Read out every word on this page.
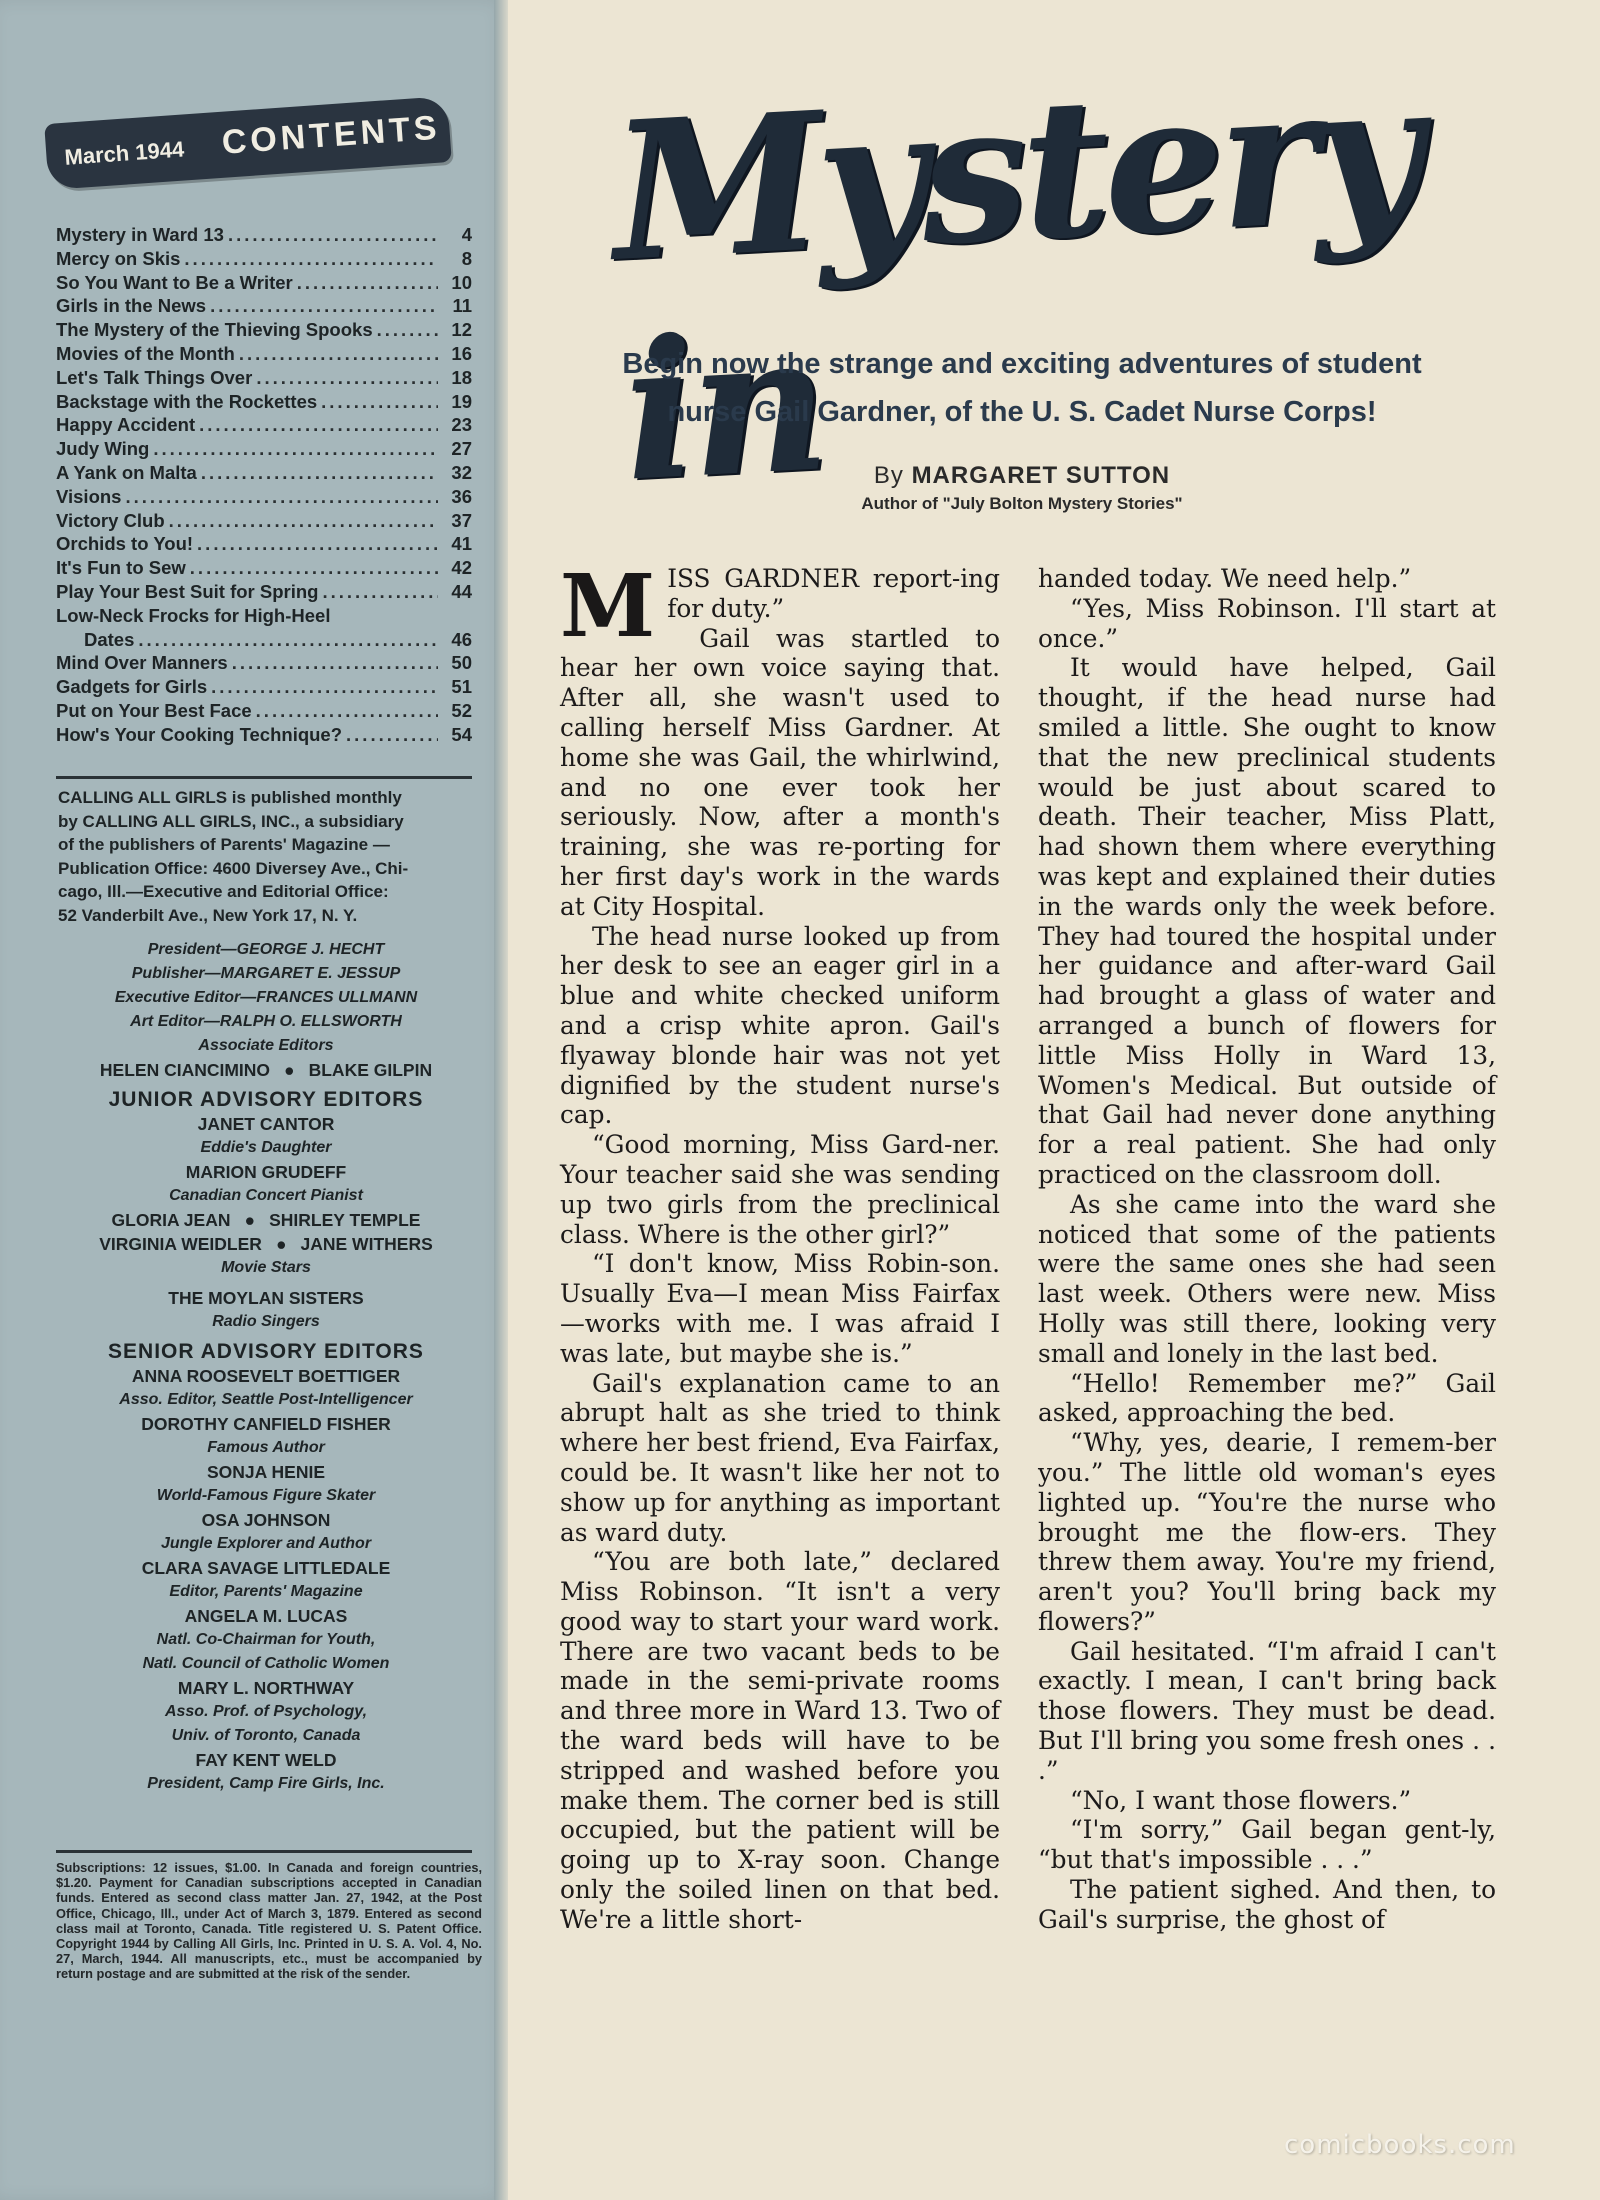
March 1944 CONTENTS
Mystery in Ward 13 .....	4
Mercy on Skis .....	8
So You Want to Be a Writer .....	10
Girls in the News .....	11
The Mystery of the Thieving Spooks .....	12
Movies of the Month .....	16
Let's Talk Things Over .....	18
Backstage with the Rockettes .....	19
Happy Accident .....	23
Judy Wing .....	27
A Yank on Malta .....	32
Visions .....	36
Victory Club .....	37
Orchids to You! .....	41
It's Fun to Sew .....	42
Play Your Best Suit for Spring .....	44
Low-Neck Frocks for High-Heel
Dates .....	46
Mind Over Manners .....	50
Gadgets for Girls .....	51
Put on Your Best Face .....	52
How's Your Cooking Technique? .....	54
CALLING ALL GIRLS is published monthly
by CALLING ALL GIRLS, INC., a subsidiary
of the publishers of Parents' Magazine —
Publication Office: 4600 Diversey Ave., Chi-
cago, Ill.—Executive and Editorial Office:
52 Vanderbilt Ave., New York 17, N. Y.
President—GEORGE J. HECHT
Publisher—MARGARET E. JESSUP
Executive Editor—FRANCES ULLMANN
Art Editor—RALPH O. ELLSWORTH
Associate Editors
HELEN CIANCIMINO ● BLAKE GILPIN
JUNIOR ADVISORY EDITORS
JANET CANTOR
Eddie's Daughter
MARION GRUDEFF
Canadian Concert Pianist
GLORIA JEAN ● SHIRLEY TEMPLE
VIRGINIA WEIDLER ● JANE WITHERS
Movie Stars
THE MOYLAN SISTERS
Radio Singers
SENIOR ADVISORY EDITORS
ANNA ROOSEVELT BOETTIGER
Asso. Editor, Seattle Post-Intelligencer
DOROTHY CANFIELD FISHER
Famous Author
SONJA HENIE
World-Famous Figure Skater
OSA JOHNSON
Jungle Explorer and Author
CLARA SAVAGE LITTLEDALE
Editor, Parents' Magazine
ANGELA M. LUCAS
Natl. Co-Chairman for Youth,
Natl. Council of Catholic Women
MARY L. NORTHWAY
Asso. Prof. of Psychology,
Univ. of Toronto, Canada
FAY KENT WELD
President, Camp Fire Girls, Inc.
Subscriptions: 12 issues, $1.00. In Canada and foreign countries, $1.20. Payment for Canadian subscriptions accepted in Canadian funds. Entered as second class matter Jan. 27, 1942, at the Post Office, Chicago, Ill., under Act of March 3, 1879. Entered as second class mail at Toronto, Canada. Title registered U. S. Patent Office. Copyright 1944 by Calling All Girls, Inc. Printed in U. S. A. Vol. 4, No. 27, March, 1944. All manuscripts, etc., must be accompanied by return postage and are submitted at the risk of the sender.
Mystery in
Begin now the strange and exciting adventures of student
nurse Gail Gardner, of the U. S. Cadet Nurse Corps!
By MARGARET SUTTON
Author of "July Bolton Mystery Stories"

MISS GARDNER report-ing for duty.”

Gail was startled to hear her own voice saying that. After all, she wasn't used to calling herself Miss Gardner. At home she was Gail, the whirlwind, and no one ever took her seriously. Now, after a month's training, she was re-porting for her first day's work in the wards at City Hospital.

The head nurse looked up from her desk to see an eager girl in a blue and white checked uniform and a crisp white apron. Gail's flyaway blonde hair was not yet dignified by the student nurse's cap.

“Good morning, Miss Gard-ner. Your teacher said she was sending up two girls from the preclinical class. Where is the other girl?”

“I don't know, Miss Robin-son. Usually Eva—I mean Miss Fairfax—works with me. I was afraid I was late, but maybe she is.”

Gail's explanation came to an abrupt halt as she tried to think where her best friend, Eva Fairfax, could be. It wasn't like her not to show up for anything as important as ward duty.

“You are both late,” declared Miss Robinson. “It isn't a very good way to start your ward work. There are two vacant beds to be made in the semi-private rooms and three more in Ward 13. Two of the ward beds will have to be stripped and washed before you make them. The corner bed is still occupied, but the patient will be going up to X-ray soon. Change only the soiled linen on that bed. We're a little short-

handed today. We need help.”

“Yes, Miss Robinson. I'll start at once.”

It would have helped, Gail thought, if the head nurse had smiled a little. She ought to know that the new preclinical students would be just about scared to death. Their teacher, Miss Platt, had shown them where everything was kept and explained their duties in the wards only the week before. They had toured the hospital under her guidance and after-ward Gail had brought a glass of water and arranged a bunch of flowers for little Miss Holly in Ward 13, Women's Medical. But outside of that Gail had never done anything for a real patient. She had only practiced on the classroom doll.

As she came into the ward she noticed that some of the patients were the same ones she had seen last week. Others were new. Miss Holly was still there, looking very small and lonely in the last bed.

“Hello! Remember me?” Gail asked, approaching the bed.

“Why, yes, dearie, I remem-ber you.” The little old woman's eyes lighted up. “You're the nurse who brought me the flow-ers. They threw them away. You're my friend, aren't you? You'll bring back my flowers?”

Gail hesitated. “I'm afraid I can't exactly. I mean, I can't bring back those flowers. They must be dead. But I'll bring you some fresh ones . . .”

“No, I want those flowers.”

“I'm sorry,” Gail began gent-ly, “but that's impossible . . .”

The patient sighed. And then, to Gail's surprise, the ghost of

comicbooks.com
